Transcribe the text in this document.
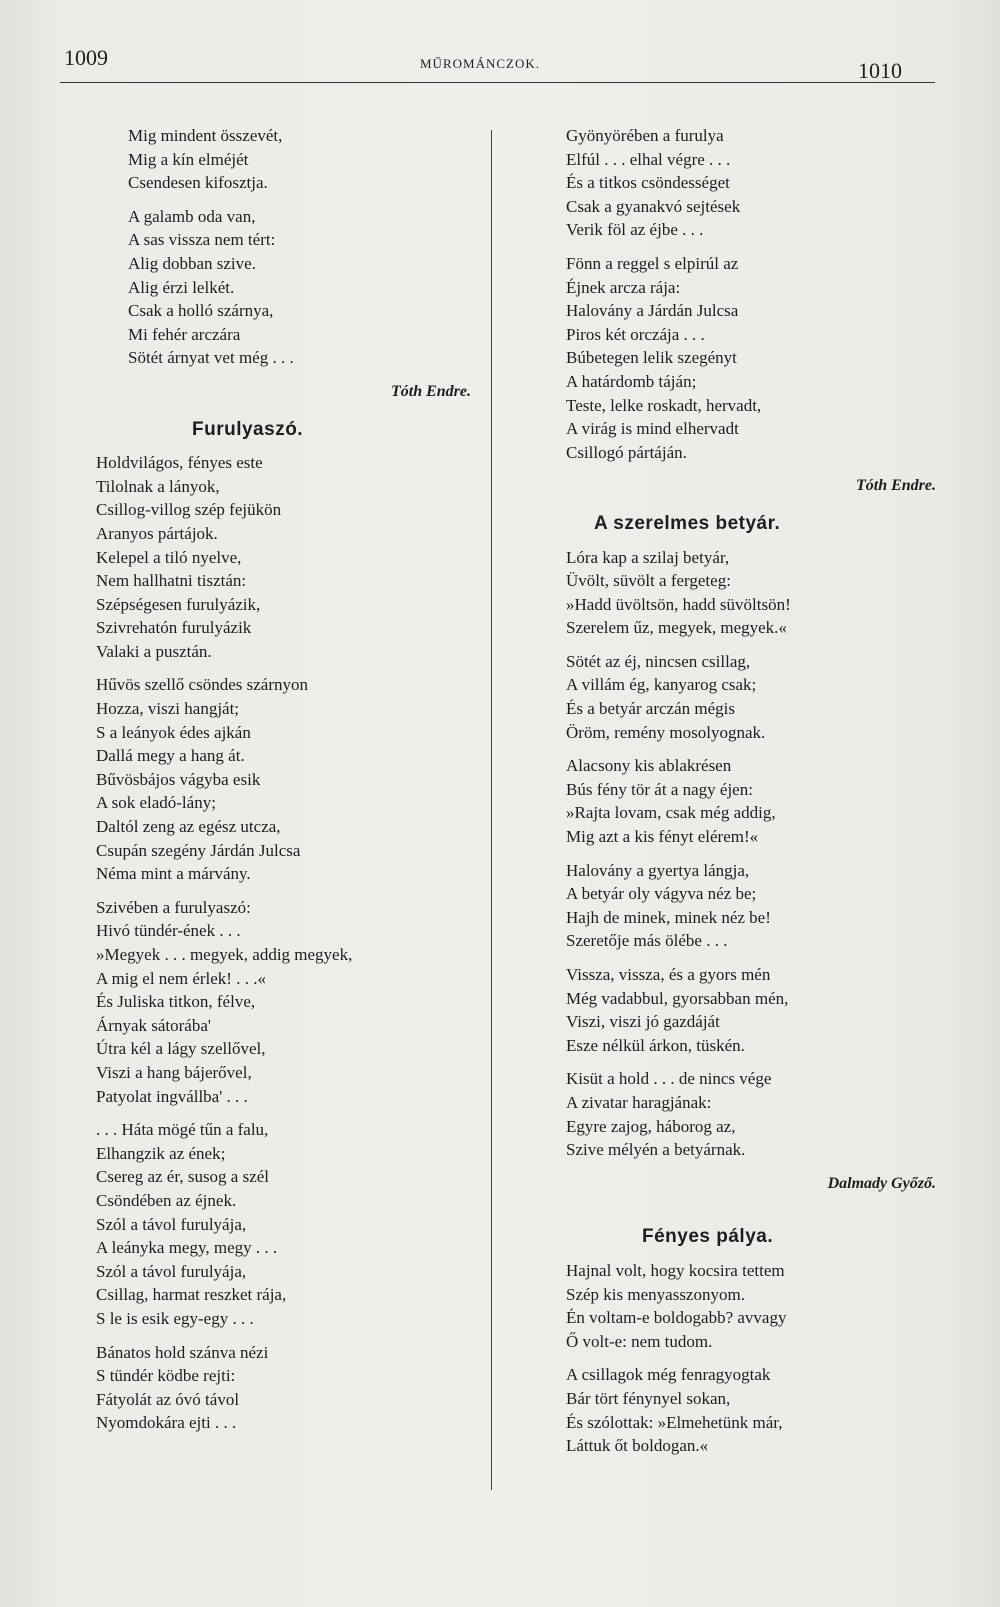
1009	MŰROMÁNCZOK.	1010
Mig mindent összevét,
Mig a kín elméjét
Csendesen kifosztja.
A galamb oda van,
A sas vissza nem tért:
Alig dobban szive.
Alig érzi lelkét.
Csak a holló szárnya,
Mi fehér arczára
Sötét árnyat vet még . . .
Tóth Endre.
Furulyaszó.
Holdvilágos, fényes este
Tilolnak a lányok,
Csillog-villog szép fejükön
Aranyos pártájok.
Kelepel a tiló nyelve,
Nem hallhatni tisztán:
Szépségesen furulyázik,
Szivrehatón furulyázik
Valaki a pusztán.
Hűvös szellő csöndes szárnyon
Hozza, viszi hangját;
S a leányok édes ajkán
Dallá megy a hang át.
Bűvösbájos vágyba esik
A sok eladó-lány;
Daltól zeng az egész utcza,
Csupán szegény Járdán Julcsa
Néma mint a márvány.
Szivében a furulyaszó:
Hivó tündér-ének . . .
»Megyek . . . megyek, addig megyek,
A mig el nem érlek! . . .«
És Juliska titkon, félve,
Árnyak sátorába'
Útra kél a lágy szellővel,
Viszi a hang bájerővel,
Patyolat ingvállba' . . .
. . . Háta mögé tűn a falu,
Elhangzik az ének;
Csereg az ér, susog a szél
Csöndében az éjnek.
Szól a távol furulyája,
A leányka megy, megy . . .
Szól a távol furulyája,
Csillag, harmat reszket rája,
S le is esik egy-egy . . .
Bánatos hold szánva nézi
S tündér ködbe rejti:
Fátyolát az óvó távol
Nyomdokára ejti . . .
Gyönyörében a furulya
Elfúl . . . elhal végre . . .
És a titkos csöndességet
Csak a gyanakvó sejtések
Verik föl az éjbe . . .
Fönn a reggel s elpirúl az
Éjnek arcza rája:
Halovány a Járdán Julcsa
Piros két orczája . . .
Búbetegen lelik szegényt
A határdomb táján;
Teste, lelke roskadt, hervadt,
A virág is mind elhervadt
Csillogó pártáján.
Tóth Endre.
A szerelmes betyár.
Lóra kap a szilaj betyár,
Üvölt, süvölt a fergeteg:
»Hadd üvöltsön, hadd süvöltsön!
Szerelem űz, megyek, megyek.«
Sötét az éj, nincsen csillag,
A villám ég, kanyarog csak;
És a betyár arczán mégis
Öröm, remény mosolyognak.
Alacsony kis ablakrésen
Bús fény tör át a nagy éjen:
»Rajta lovam, csak még addig,
Mig azt a kis fényt elérem!«
Halovány a gyertya lángja,
A betyár oly vágyva néz be;
Hajh de minek, minek néz be!
Szeretője más ölébe . . .
Vissza, vissza, és a gyors mén
Még vadabbul, gyorsabban mén,
Viszi, viszi jó gazdáját
Esze nélkül árkon, tüskén.
Kisüt a hold . . . de nincs vége
A zivatar haragjának:
Egyre zajog, háborog az,
Szive mélyén a betyárnak.
Dalmady Győző.
Fényes pálya.
Hajnal volt, hogy kocsira tettem
Szép kis menyasszonyom.
Én voltam-e boldogabb? avvagy
Ő volt-e: nem tudom.
A csillagok még fenragyogtak
Bár tört fénynyel sokan,
És szólottak: »Elmehetünk már,
Láttuk őt boldogan.«
